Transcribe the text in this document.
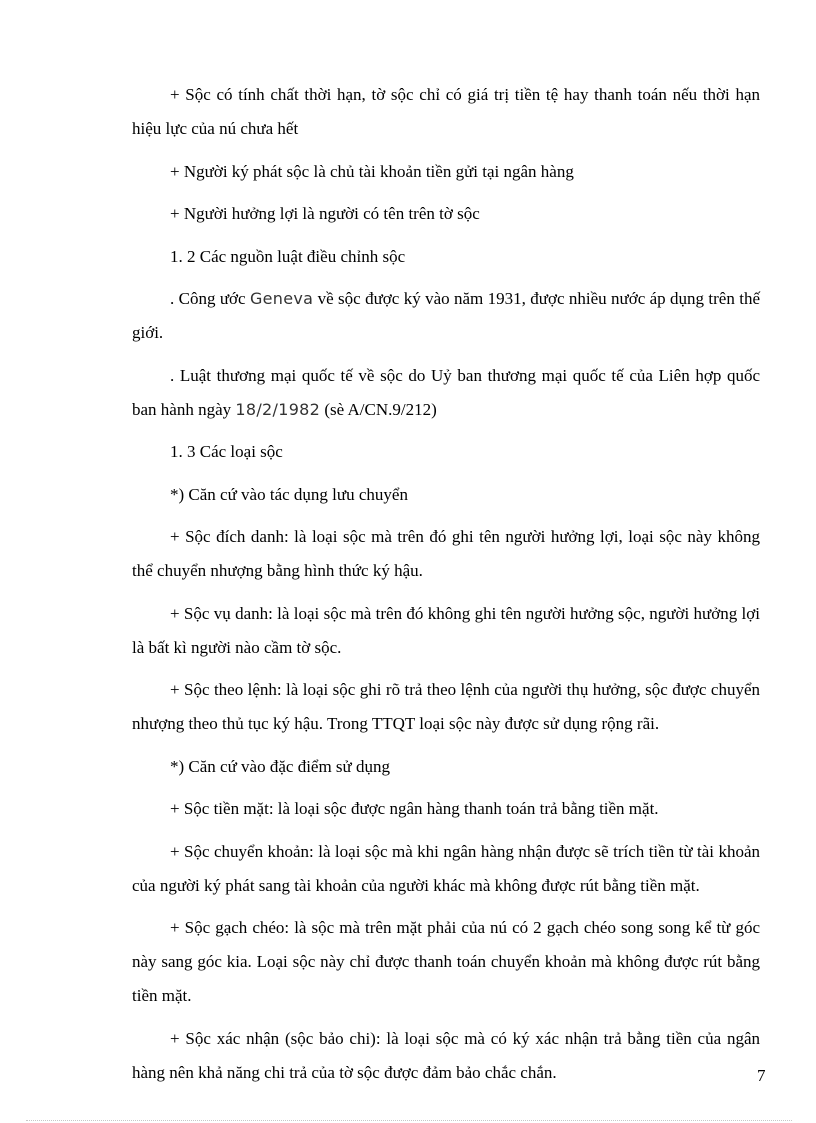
+ Sộc có tính chất thời hạn, tờ sộc chỉ có giá trị tiền tệ hay thanh toán nếu thời hạn hiệu lực của nú chưa hết

+ Người ký phát sộc là chủ tài khoản tiền gửi tại ngân hàng

+ Người hưởng lợi là người có tên trên tờ sộc

1. 2 Các nguồn luật điều chỉnh sộc

. Công ước Geneva về sộc được ký vào năm 1931, được nhiều nước áp dụng trên thế giới.

. Luật thương mại quốc tế về sộc do Uỷ ban thương mại quốc tế của Liên hợp quốc ban hành ngày 18/2/1982 (sè A/CN.9/212)

1. 3 Các loại sộc

*) Căn cứ vào tác dụng lưu chuyển

+ Sộc đích danh: là loại sộc mà trên đó ghi tên người hưởng lợi, loại sộc này không thể chuyển nhượng bằng hình thức ký hậu.

+ Sộc vụ danh: là loại sộc mà trên đó không ghi tên người hưởng sộc, người hưởng lợi là bất kì người nào cầm tờ sộc.

+ Sộc theo lệnh: là loại sộc ghi rõ trả theo lệnh của người thụ hưởng, sộc được chuyển nhượng theo thủ tục ký hậu. Trong TTQT loại sộc này được sử dụng rộng rãi.

*) Căn cứ vào đặc điểm sử dụng

+ Sộc tiền mặt: là loại sộc được ngân hàng thanh toán trả bằng tiền mặt.

+ Sộc chuyển khoản: là loại sộc mà khi ngân hàng nhận được sẽ trích tiền từ tài khoản của người ký phát sang tài khoản của người khác mà không được rút bằng tiền mặt.

+ Sộc gạch chéo: là sộc mà trên mặt phải của nú có 2 gạch chéo song song kể từ góc này sang góc kia. Loại sộc này chỉ được thanh toán chuyển khoản mà không được rút bằng tiền mặt.

+ Sộc xác nhận (sộc bảo chi): là loại sộc mà có ký xác nhận trả bằng tiền của ngân hàng nên khả năng chi trả của tờ sộc được đảm bảo chắc chắn.	7
